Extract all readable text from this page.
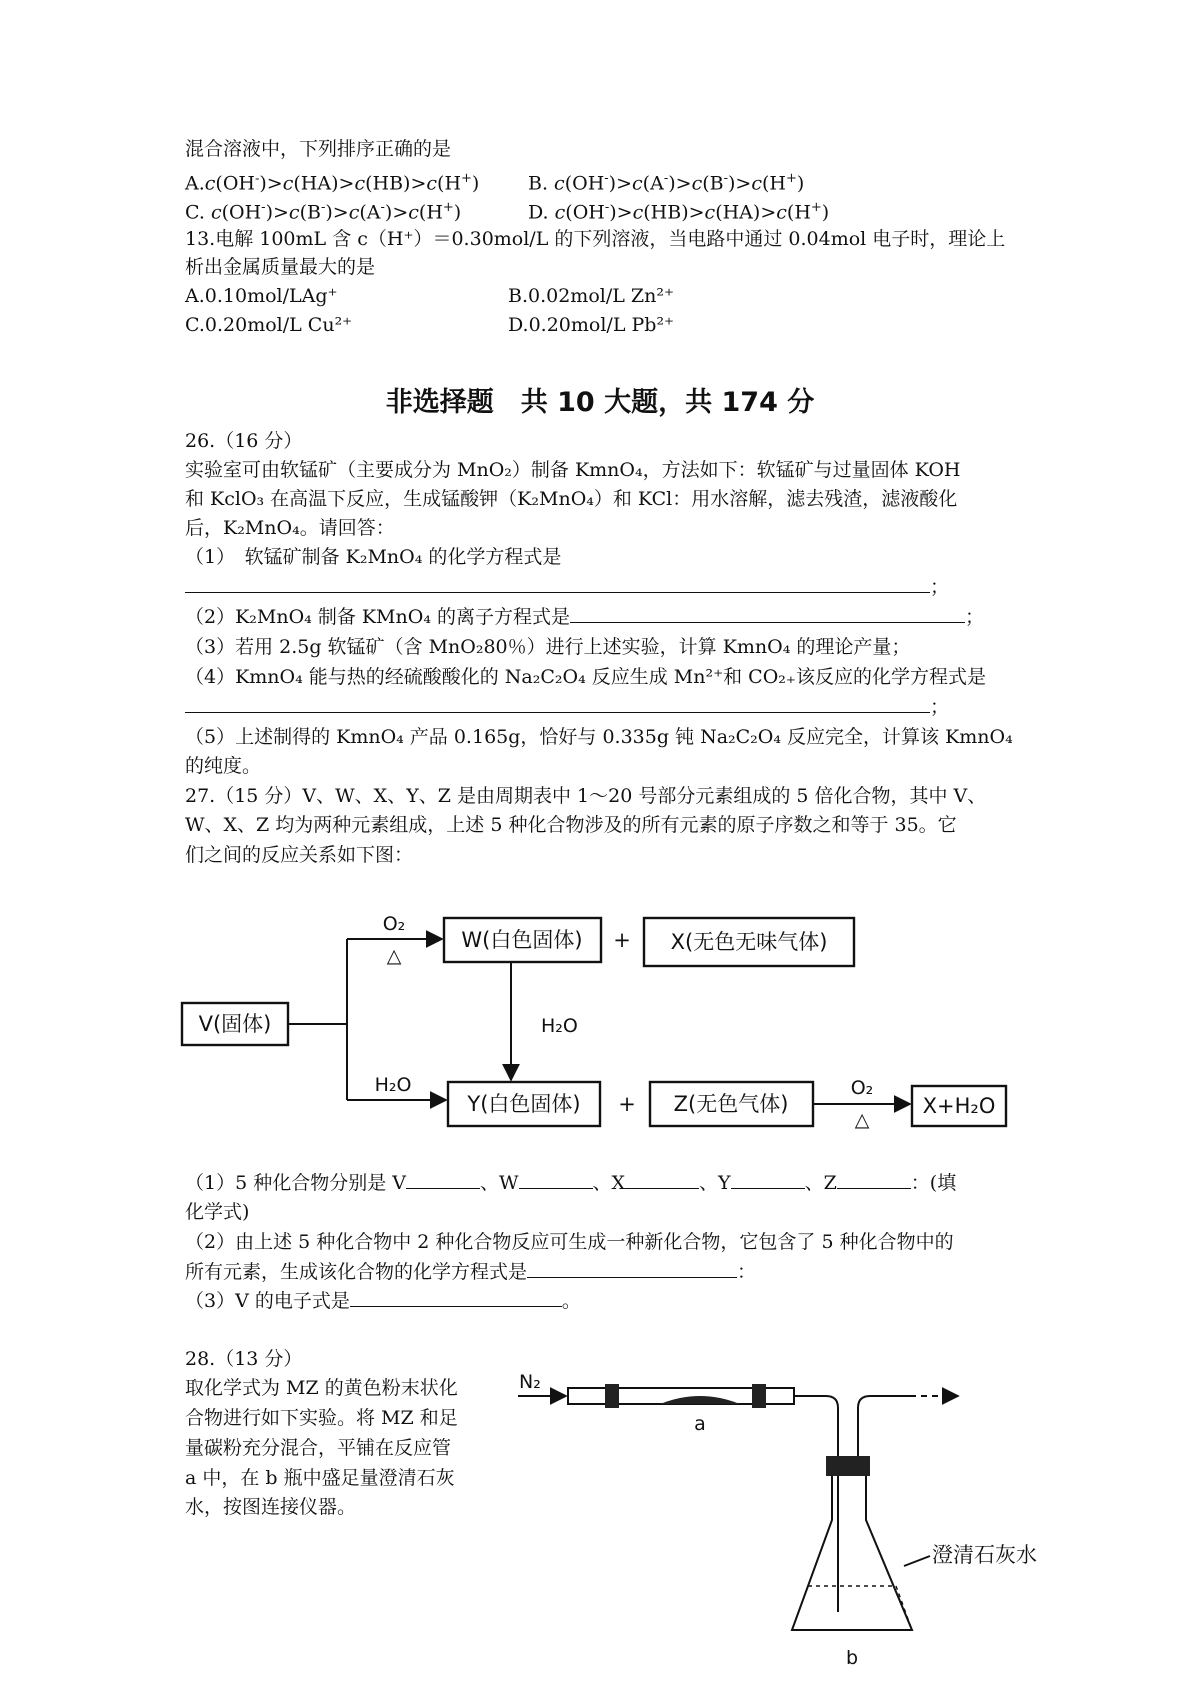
混合溶液中，下列排序正确的是
A.c(OH-)>c(HA)>c(HB)>c(H+)	B. c(OH-)>c(A-)>c(B-)>c(H+)
C. c(OH-)>c(B-)>c(A-)>c(H+)	D. c(OH-)>c(HB)>c(HA)>c(H+)
13.电解 100mL 含 c（H⁺）＝0.30mol/L 的下列溶液，当电路中通过 0.04mol 电子时，理论上
析出金属质量最大的是
A.0.10mol/LAg⁺	B.0.02mol/L Zn²⁺
C.0.20mol/L Cu²⁺	D.0.20mol/L Pb²⁺
非选择题　共 10 大题，共 174 分
26.（16 分）
实验室可由软锰矿（主要成分为 MnO₂）制备 KmnO₄，方法如下：软锰矿与过量固体 KOH
和 KclO₃ 在高温下反应，生成锰酸钾（K₂MnO₄）和 KCl：用水溶解，滤去残渣，滤液酸化
后，K₂MnO₄。请回答：
（1）　软锰矿制备 K₂MnO₄ 的化学方程式是
；
（2）K₂MnO₄ 制备 KMnO₄ 的离子方程式是	；
（3）若用 2.5g 软锰矿（含 MnO₂80％）进行上述实验，计算 KmnO₄ 的理论产量；
（4）KmnO₄ 能与热的经硫酸酸化的 Na₂C₂O₄ 反应生成 Mn²⁺和 CO₂₊该反应的化学方程式是
；
（5）上述制得的 KmnO₄ 产品 0.165g，恰好与 0.335g 钝 Na₂C₂O₄ 反应完全，计算该 KmnO₄
的纯度。
27.（15 分）V、W、X、Y、Z 是由周期表中 1～20 号部分元素组成的 5 倍化合物，其中 V、
W、X、Z 均为两种元素组成，上述 5 种化合物涉及的所有元素的原子序数之和等于 35。它
们之间的反应关系如下图：
V(固体)
W(白色固体)	X(无色无味气体)
Y(白色固体)	Z(无色气体)	X+H₂O
+
+
O₂
△
H₂O
H₂O	O₂
△
N₂
a
澄清石灰水
b
（1）5 种化合物分别是 V	、W	、X	、Y	、Z	：(填
化学式)
（2）由上述 5 种化合物中 2 种化合物反应可生成一种新化合物，它包含了 5 种化合物中的
所有元素，生成该化合物的化学方程式是	：
（3）V 的电子式是	。
28.（13 分）
取化学式为 MZ 的黄色粉末状化
合物进行如下实验。将 MZ 和足
量碳粉充分混合，平铺在反应管
a 中，在 b 瓶中盛足量澄清石灰
水，按图连接仪器。
